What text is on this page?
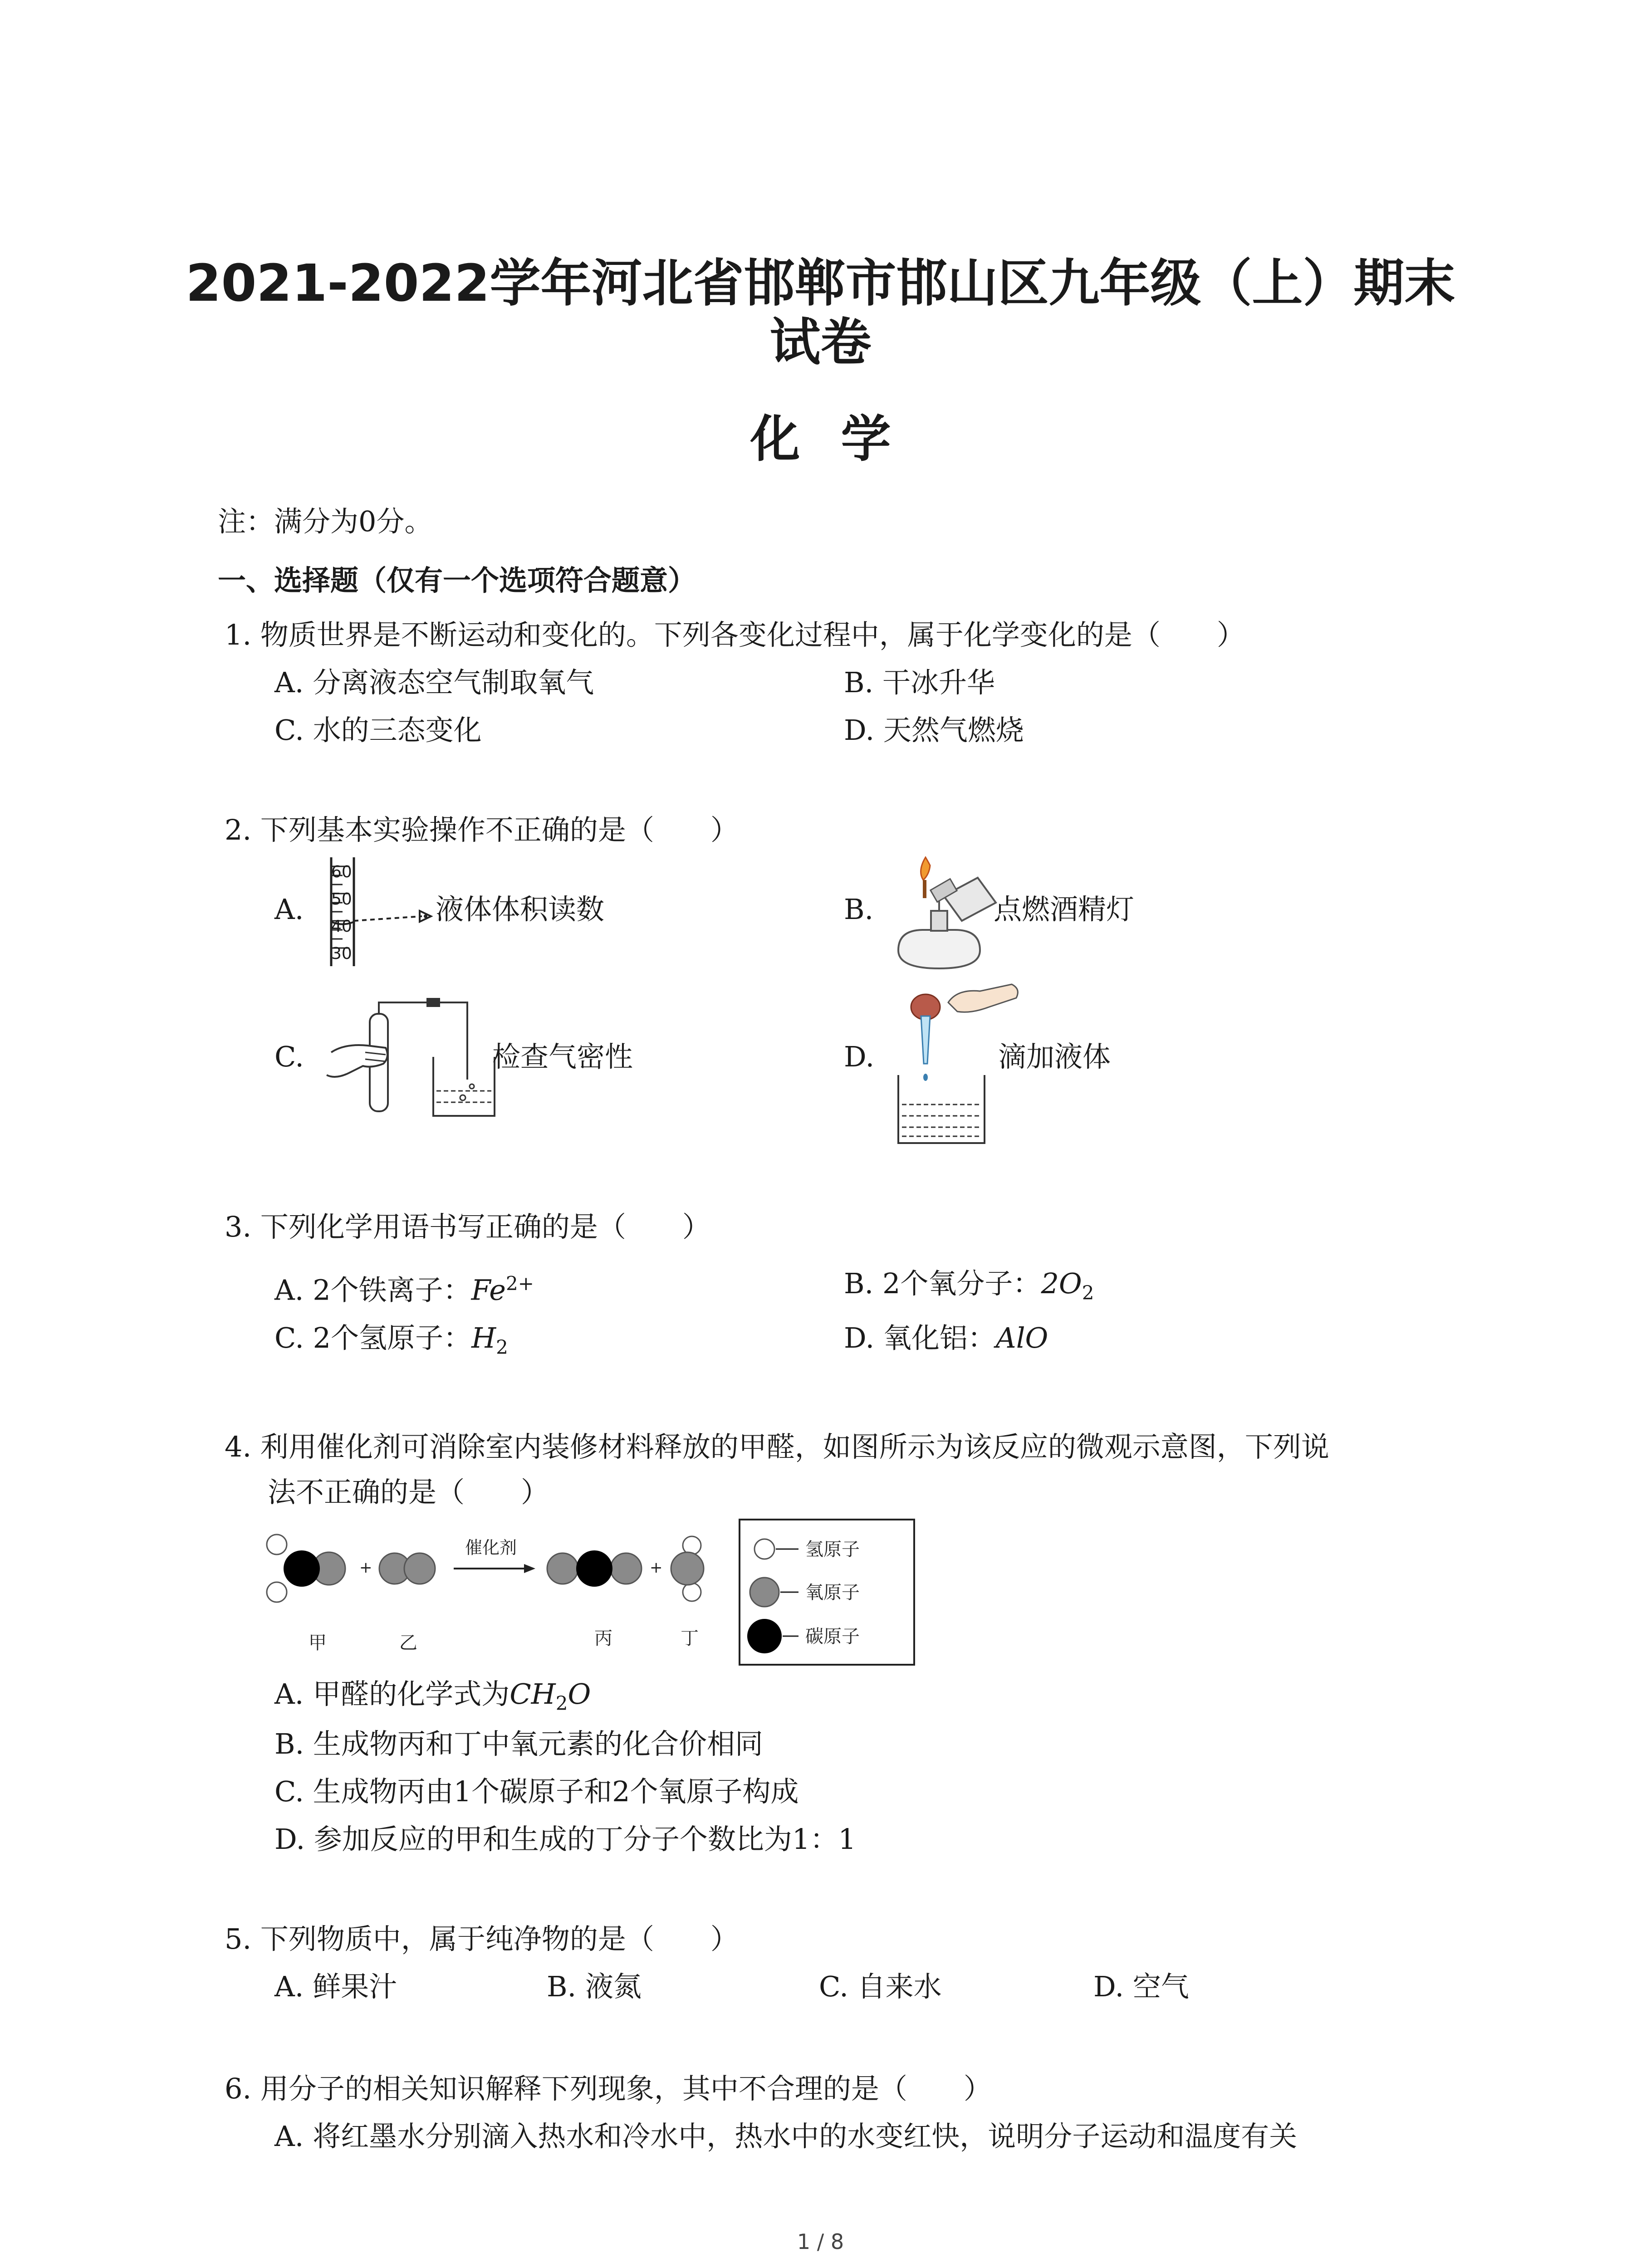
2021-2022学年河北省邯郸市邯山区九年级（上）期末
试卷
化学
注：满分为0分。
一、选择题（仅有一个选项符合题意）
1. 物质世界是不断运动和变化的。下列各变化过程中，属于化学变化的是（　　）
A. 分离液态空气制取氧气	B. 干冰升华
C. 水的三态变化	D. 天然气燃烧
2. 下列基本实验操作不正确的是（　　）
A.
60
50
40
30
液体体积读数	B.	点燃酒精灯
C.	检查气密性	D.	滴加液体
3. 下列化学用语书写正确的是（　　）
A. 2个铁离子：$Fe^{2+}$	B. 2个氧分子：$2O_2$
C. 2个氢原子：$H_2$	D. 氧化铝：AlO
4. 利用催化剂可消除室内装修材料释放的甲醛，如图所示为该反应的微观示意图，下列说
法不正确的是（　　）
+
催化剂
+
甲	乙	丙	丁
氢原子
氧原子
碳原子
A. 甲醛的化学式为$CH_2O$
B. 生成物丙和丁中氧元素的化合价相同
C. 生成物丙由1个碳原子和2个氧原子构成
D. 参加反应的甲和生成的丁分子个数比为1：1
5. 下列物质中，属于纯净物的是（　　）
A. 鲜果汁	B. 液氮	C. 自来水	D. 空气
6. 用分子的相关知识解释下列现象，其中不合理的是（　　）
A. 将红墨水分别滴入热水和冷水中，热水中的水变红快，说明分子运动和温度有关
1 / 8
